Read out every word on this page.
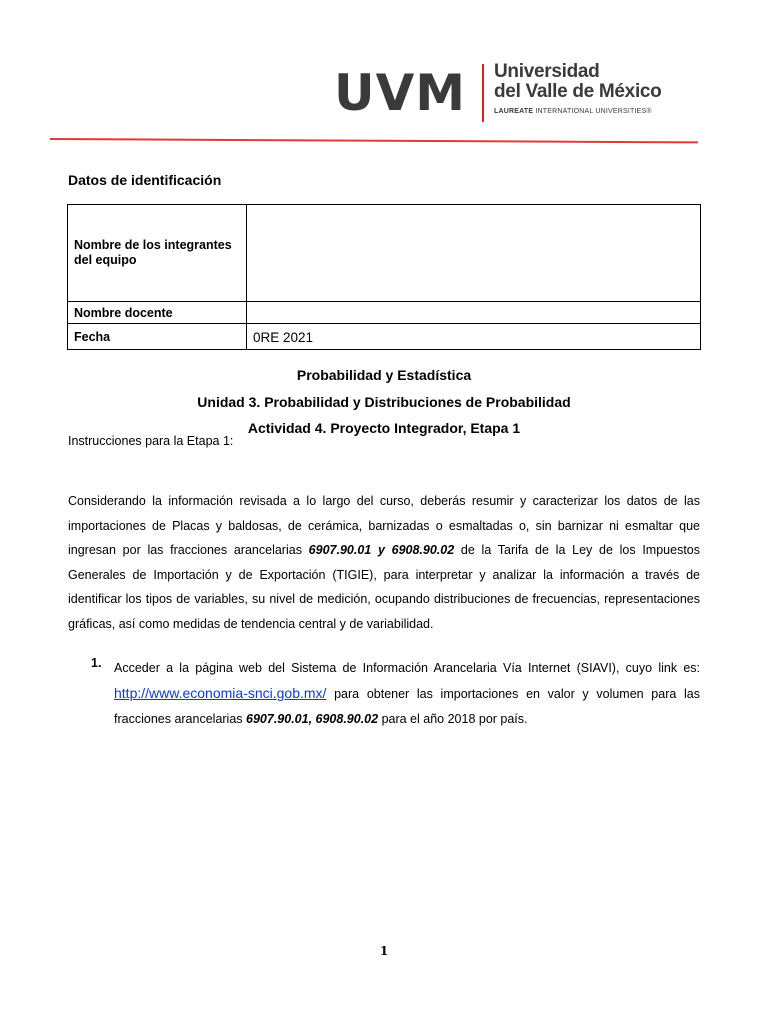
UVM Universidad
del Valle de México
LAUREATE INTERNATIONAL UNIVERSITIES®
Datos de identificación
Nombre de los integrantes
del equipo	

Nombre docente	
Fecha	0RE 2021
Probabilidad y Estadística
Unidad 3. Probabilidad y Distribuciones de Probabilidad
Actividad 4. Proyecto Integrador, Etapa 1
Instrucciones para la Etapa 1:
Considerando la información revisada a lo largo del curso, deberás resumir y caracterizar los datos de las importaciones de Placas y baldosas, de cerámica, barnizadas o esmaltadas o, sin barnizar ni esmaltar que ingresan por las fracciones arancelarias 6907.90.01 y 6908.90.02 de la Tarifa de la Ley de los Impuestos Generales de Importación y de Exportación (TIGIE), para interpretar y analizar la información a través de identificar los tipos de variables, su nivel de medición, ocupando distribuciones de frecuencias, representaciones gráficas, así como medidas de tendencia central y de variabilidad.
1. Acceder a la página web del Sistema de Información Arancelaria Vía Internet (SIAVI), cuyo link es: http://www.economia-snci.gob.mx/ para obtener las importaciones en valor y volumen para las fracciones arancelarias 6907.90.01, 6908.90.02 para el año 2018 por país.
1
